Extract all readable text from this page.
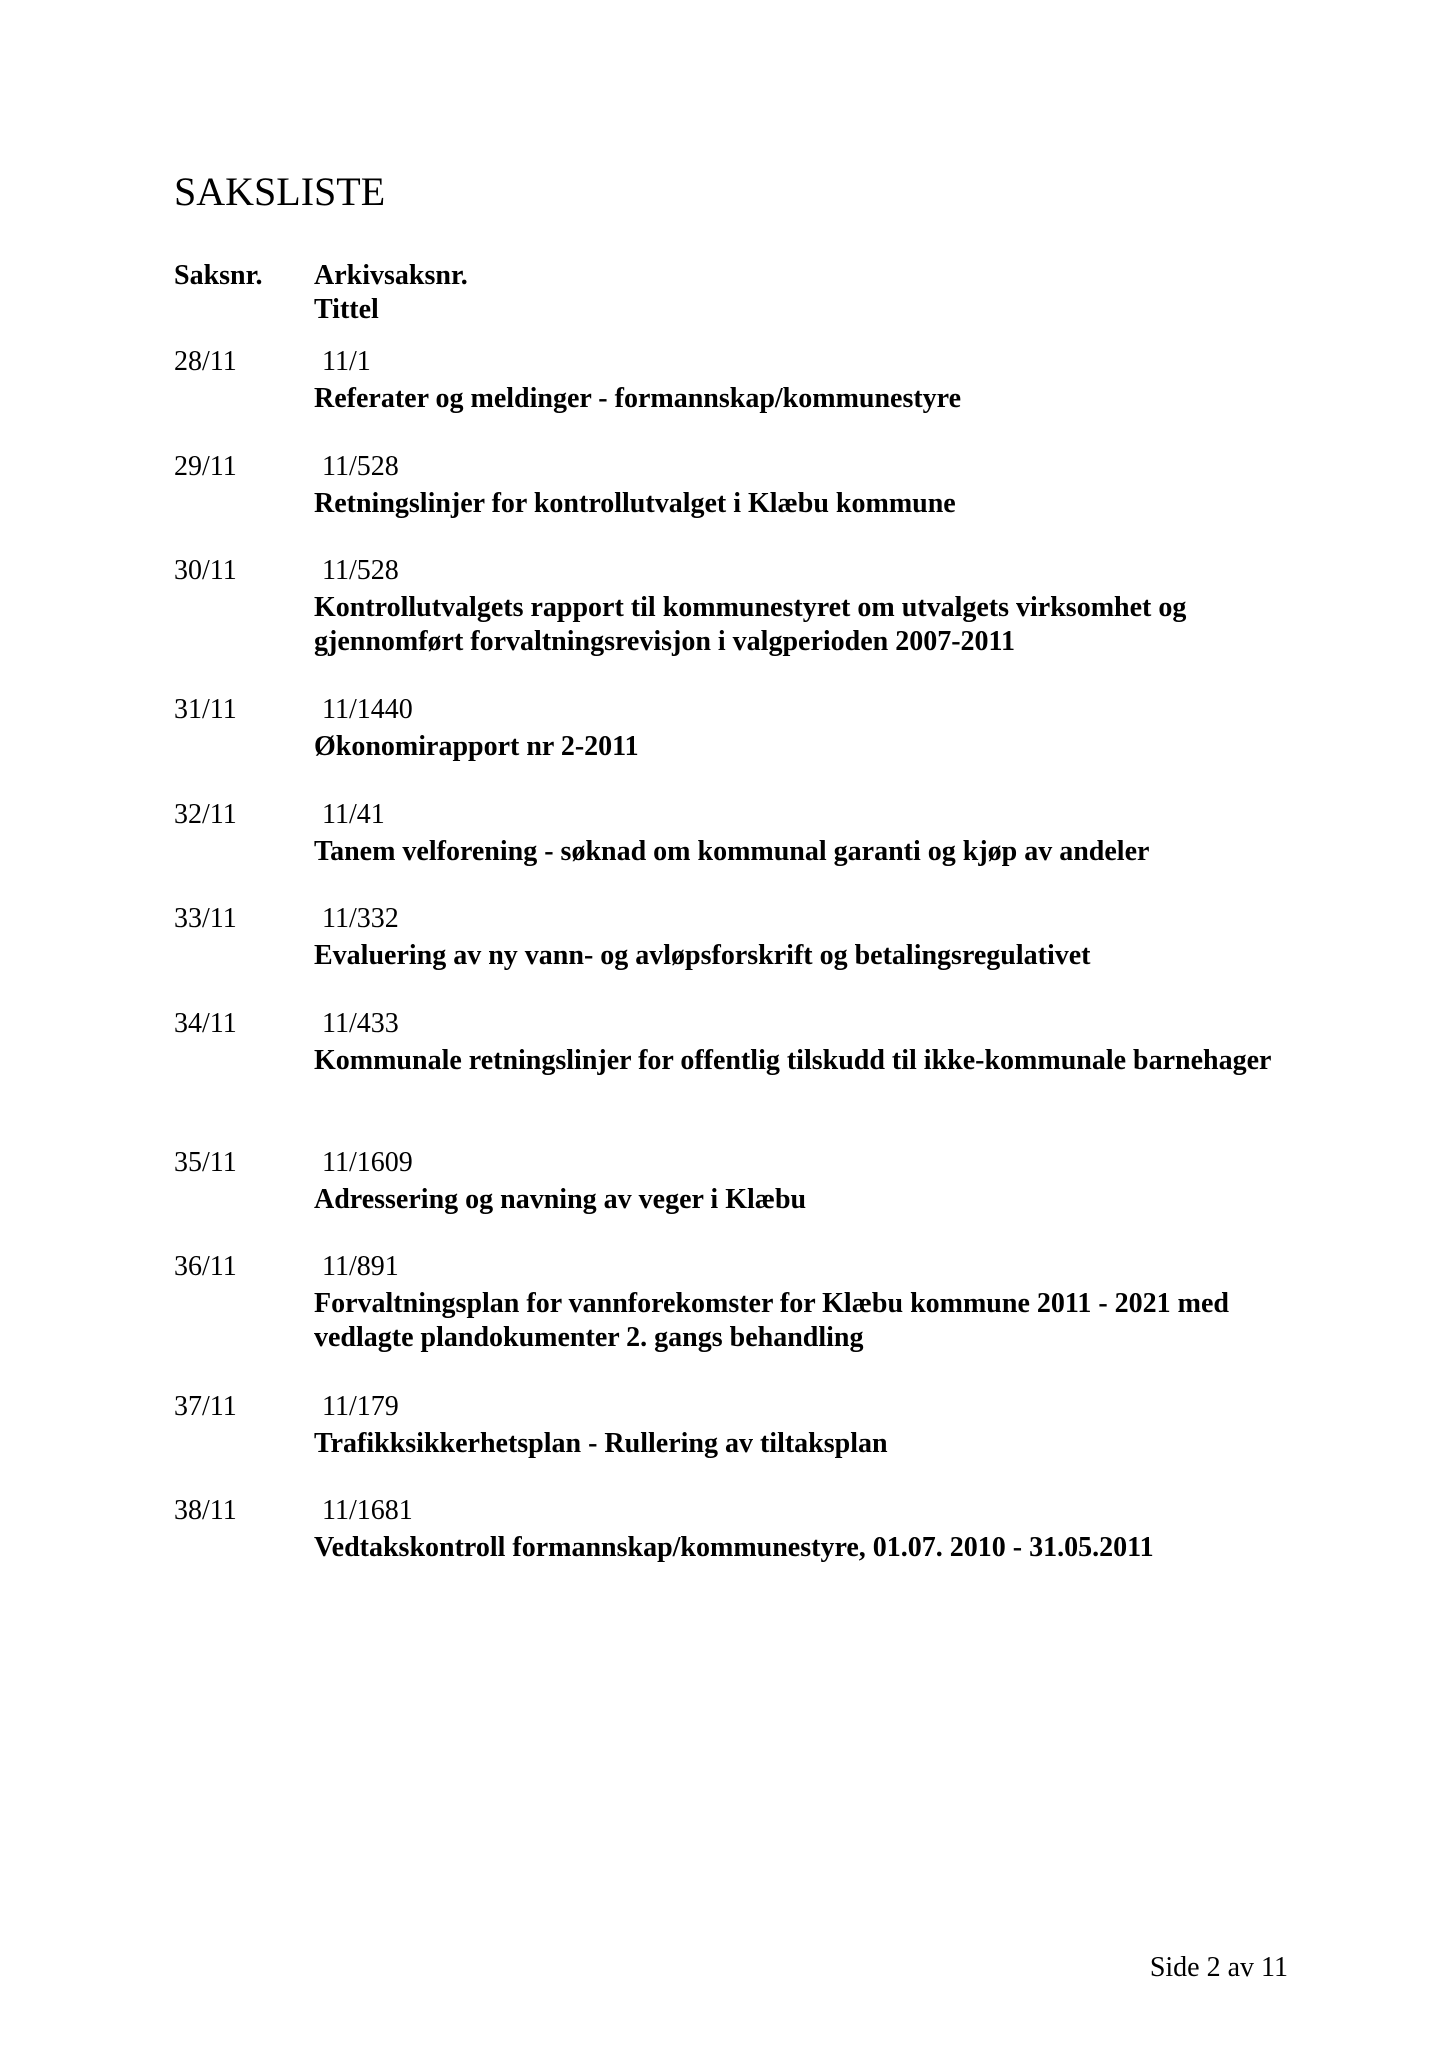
SAKSLISTE
Saksnr. Arkivsaksnr.
Tittel
28/11	11/1
Referater og meldinger - formannskap/kommunestyre
29/11	11/528
Retningslinjer for kontrollutvalget i Klæbu kommune
30/11	11/528
Kontrollutvalgets rapport til kommunestyret om utvalgets virksomhet og gjennomført forvaltningsrevisjon i valgperioden 2007-2011
31/11	11/1440
Økonomirapport nr 2-2011
32/11	11/41
Tanem velforening - søknad om kommunal garanti og kjøp av andeler
33/11	11/332
Evaluering av ny vann- og avløpsforskrift og betalingsregulativet
34/11	11/433
Kommunale retningslinjer for offentlig tilskudd til ikke-kommunale barnehager
35/11	11/1609
Adressering og navning av veger i Klæbu
36/11	11/891
Forvaltningsplan for vannforekomster for Klæbu kommune 2011 - 2021 med vedlagte plandokumenter 2. gangs behandling
37/11	11/179
Trafikksikkerhetsplan - Rullering av tiltaksplan
38/11	11/1681
Vedtakskontroll formannskap/kommunestyre, 01.07. 2010 - 31.05.2011
Side 2 av 11
